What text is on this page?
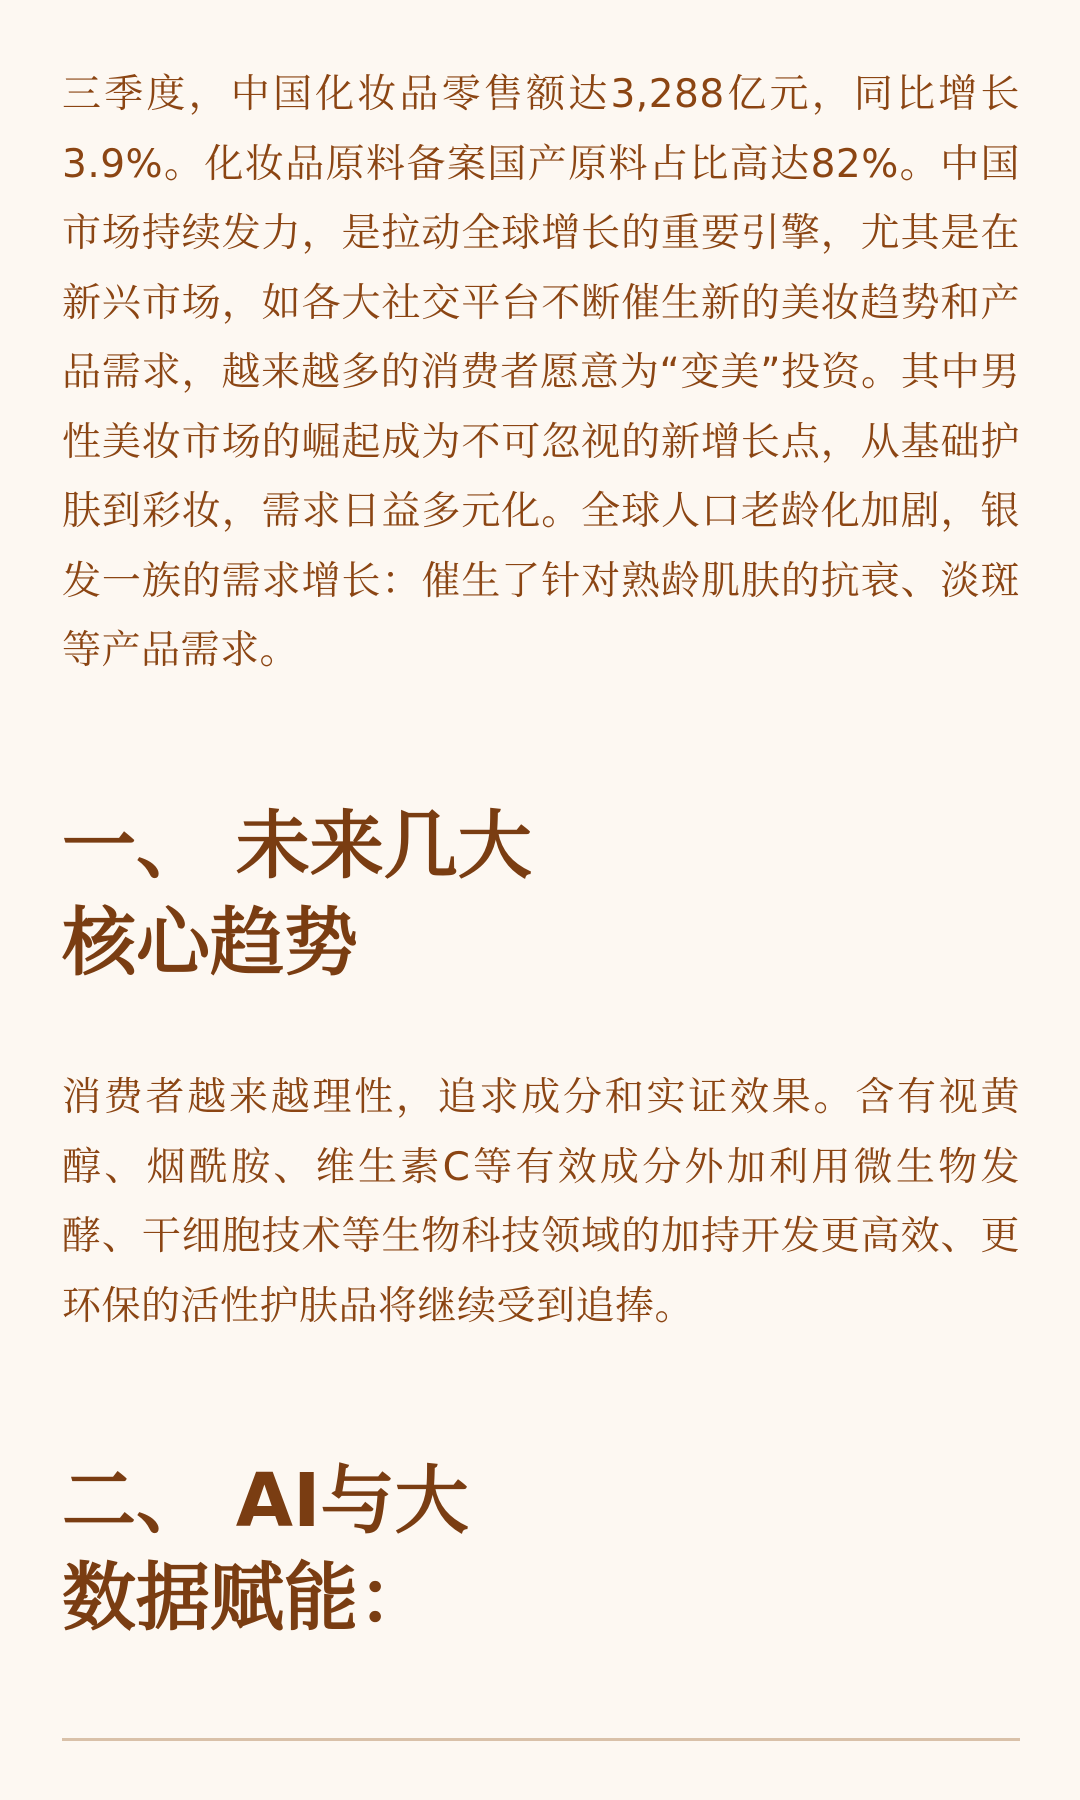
三季度，中国化妆品零售额达3,288亿元，同比增长3.9%。化妆品原料备案国产原料占比高达82%。中国市场持续发力，是拉动全球增长的重要引擎，尤其是在新兴市场，如各大社交平台不断催生新的美妆趋势和产品需求，越来越多的消费者愿意为“变美”投资。其中男性美妆市场的崛起成为不可忽视的新增长点，从基础护肤到彩妆，需求日益多元化。全球人口老龄化加剧，银发一族的需求增长：催生了针对熟龄肌肤的抗衰、淡斑等产品需求。

一、 未来几大
核心趋势

消费者越来越理性，追求成分和实证效果。含有视黄醇、烟酰胺、维生素C等有效成分外加利用微生物发酵、干细胞技术等生物科技领域的加持开发更高效、更环保的活性护肤品将继续受到追捧。

二、 AI与大
数据赋能：
